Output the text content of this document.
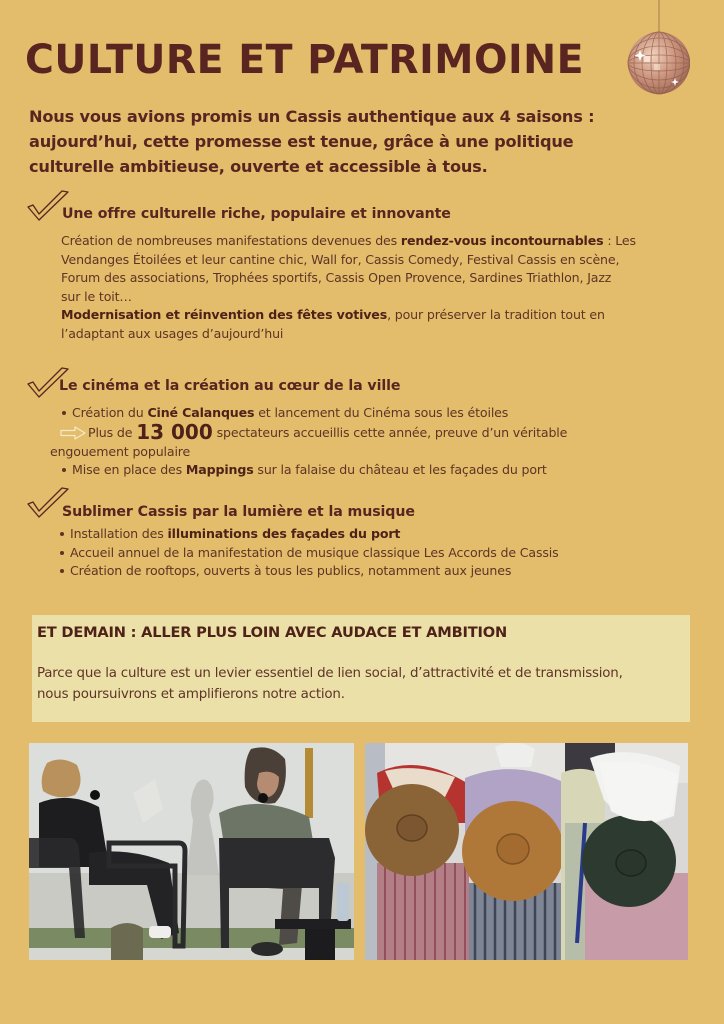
CULTURE ET PATRIMOINE

Nous vous avions promis un Cassis authentique aux 4 saisons : aujourd’hui, cette promesse est tenue, grâce à une politique culturelle ambitieuse, ouverte et accessible à tous.

Une offre culturelle riche, populaire et innovante
Création de nombreuses manifestations devenues des rendez-vous incontournables : Les
Vendanges Étoilées et leur cantine chic, Wall for, Cassis Comedy, Festival Cassis en scène,
Forum des associations, Trophées sportifs, Cassis Open Provence, Sardines Triathlon, Jazz
sur le toit…
Modernisation et réinvention des fêtes votives, pour préserver la tradition tout en
l’adaptant aux usages d’aujourd’hui
Le cinéma et la création au cœur de la ville
Création du Ciné Calanques et lancement du Cinéma sous les étoiles
Plus de 13 000 spectateurs accueillis cette année, preuve d’un véritable
engouement populaire
Mise en place des Mappings sur la falaise du château et les façades du port
Sublimer Cassis par la lumière et la musique
Installation des illuminations des façades du port
Accueil annuel de la manifestation de musique classique Les Accords de Cassis
Création de rooftops, ouverts à tous les publics, notamment aux jeunes
ET DEMAIN : ALLER PLUS LOIN AVEC AUDACE ET AMBITION
Parce que la culture est un levier essentiel de lien social, d’attractivité et de transmission,
nous poursuivrons et amplifierons notre action.
